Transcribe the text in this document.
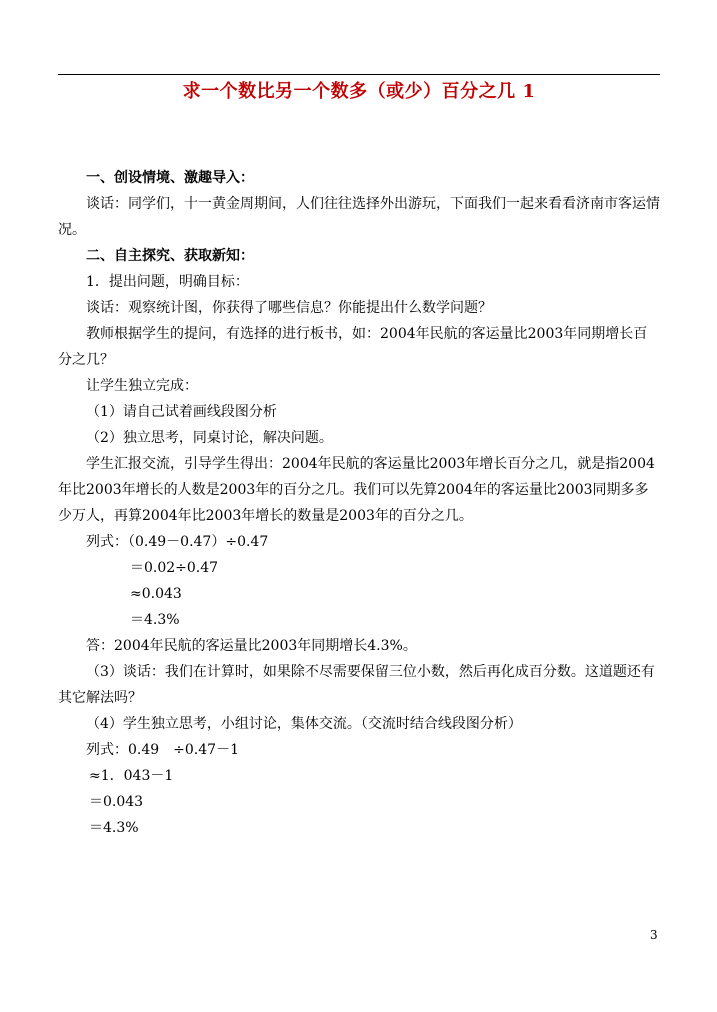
求一个数比另一个数多（或少）百分之几 1

一、创设情境、激趣导入：

谈话：同学们，十一黄金周期间，人们往往选择外出游玩，下面我们一起来看看济南市客运情况。

二、自主探究、获取新知：

1．提出问题，明确目标：

谈话：观察统计图，你获得了哪些信息？你能提出什么数学问题？

教师根据学生的提问，有选择的进行板书，如：2004年民航的客运量比2003年同期增长百分之几？

让学生独立完成：

（1）请自己试着画线段图分析

（2）独立思考，同桌讨论，解决问题。

学生汇报交流，引导学生得出：2004年民航的客运量比2003年增长百分之几，就是指2004年比2003年增长的人数是2003年的百分之几。我们可以先算2004年的客运量比2003同期多多少万人，再算2004年比2003年增长的数量是2003年的百分之几。

列式：（0.49－0.47）÷0.47

＝0.02÷0.47

≈0.043

＝4.3%

答：2004年民航的客运量比2003年同期增长4.3%。

（3）谈话：我们在计算时，如果除不尽需要保留三位小数，然后再化成百分数。这道题还有其它解法吗？

（4）学生独立思考，小组讨论，集体交流。（交流时结合线段图分析）

列式：0.49　÷0.47－1

≈1．043－1

＝0.043

＝4.3%

3
